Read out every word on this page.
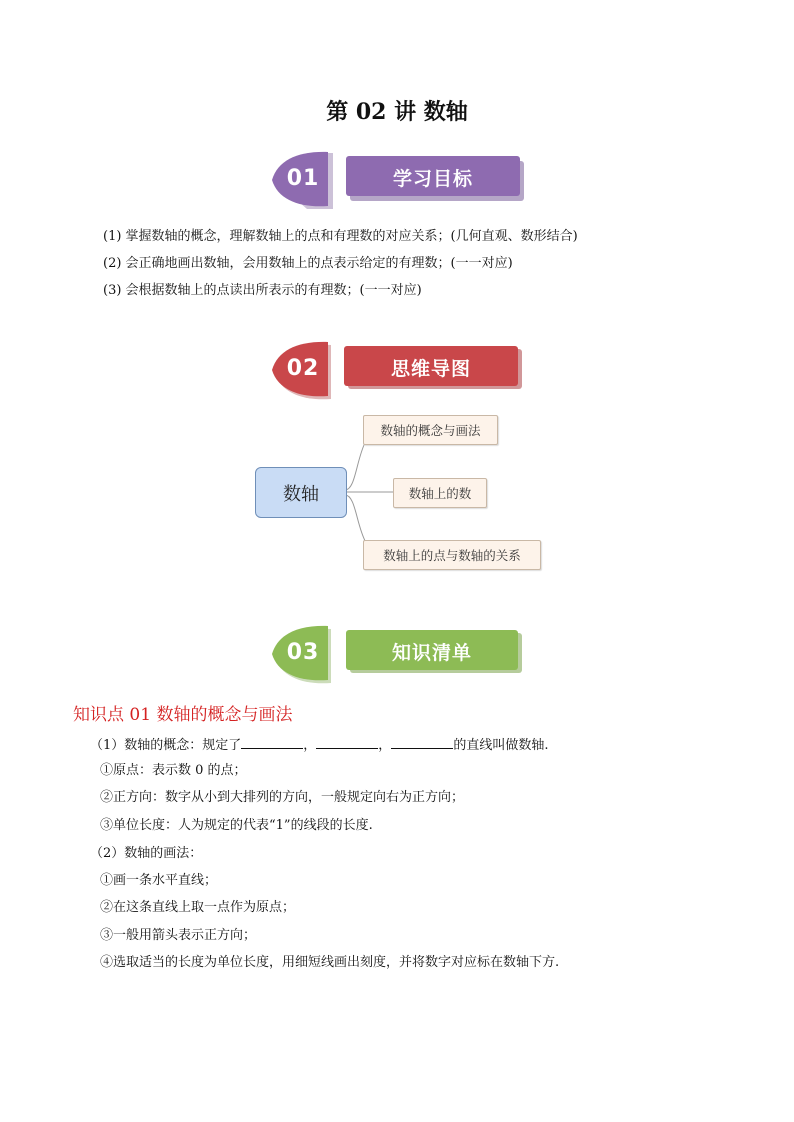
第 02 讲 数轴
01	学习目标
(1) 掌握数轴的概念，理解数轴上的点和有理数的对应关系；(几何直观、数形结合)
(2) 会正确地画出数轴，会用数轴上的点表示给定的有理数；(一一对应)
(3) 会根据数轴上的点读出所表示的有理数；(一一对应)
02	思维导图
数轴
数轴的概念与画法
数轴上的数
数轴上的点与数轴的关系
03	知识清单
知识点 01 数轴的概念与画法
（1）数轴的概念：规定了	，	，	的直线叫做数轴.
①原点：表示数 0 的点；
②正方向：数字从小到大排列的方向，一般规定向右为正方向；
③单位长度：人为规定的代表“1”的线段的长度.
（2）数轴的画法：
①画一条水平直线；
②在这条直线上取一点作为原点；
③一般用箭头表示正方向；
④选取适当的长度为单位长度，用细短线画出刻度，并将数字对应标在数轴下方.
